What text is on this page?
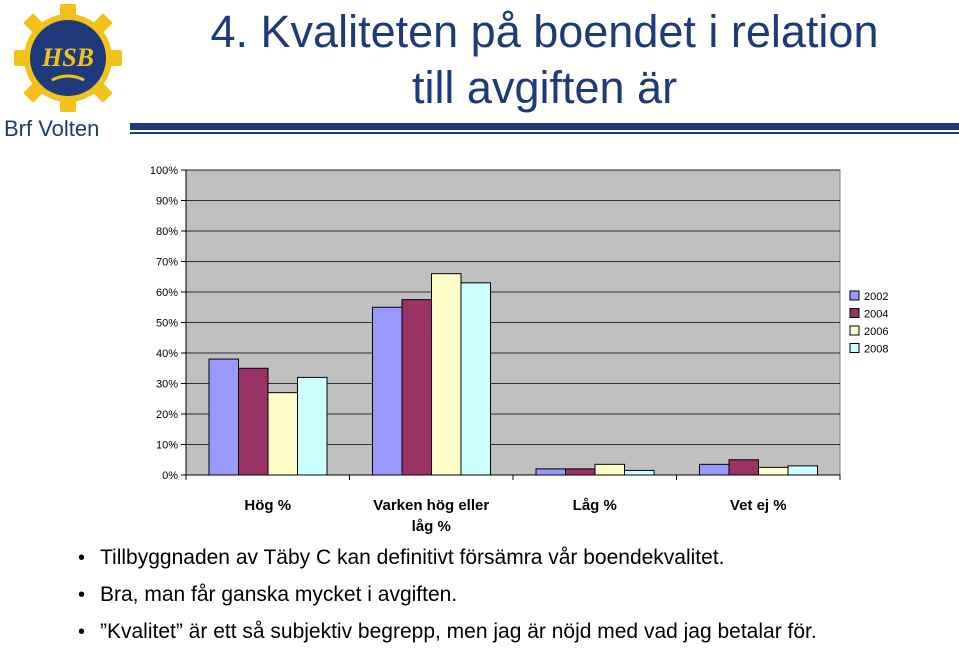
HSB
Brf Volten
4. Kvaliteten på boendet i relation
till avgiften är
0%
10%
20%
30%
40%
50%
60%
70%
80%
90%
100%
Hög %	Varken hög eller låg %
Låg %	Vet ej %
2002
2004
2006
2008
• Tillbyggnaden av Täby C kan definitivt försämra vår boendekvalitet.
• Bra, man får ganska mycket i avgiften.
• ”Kvalitet” är ett så subjektiv begrepp, men jag är nöjd med vad jag betalar för.
